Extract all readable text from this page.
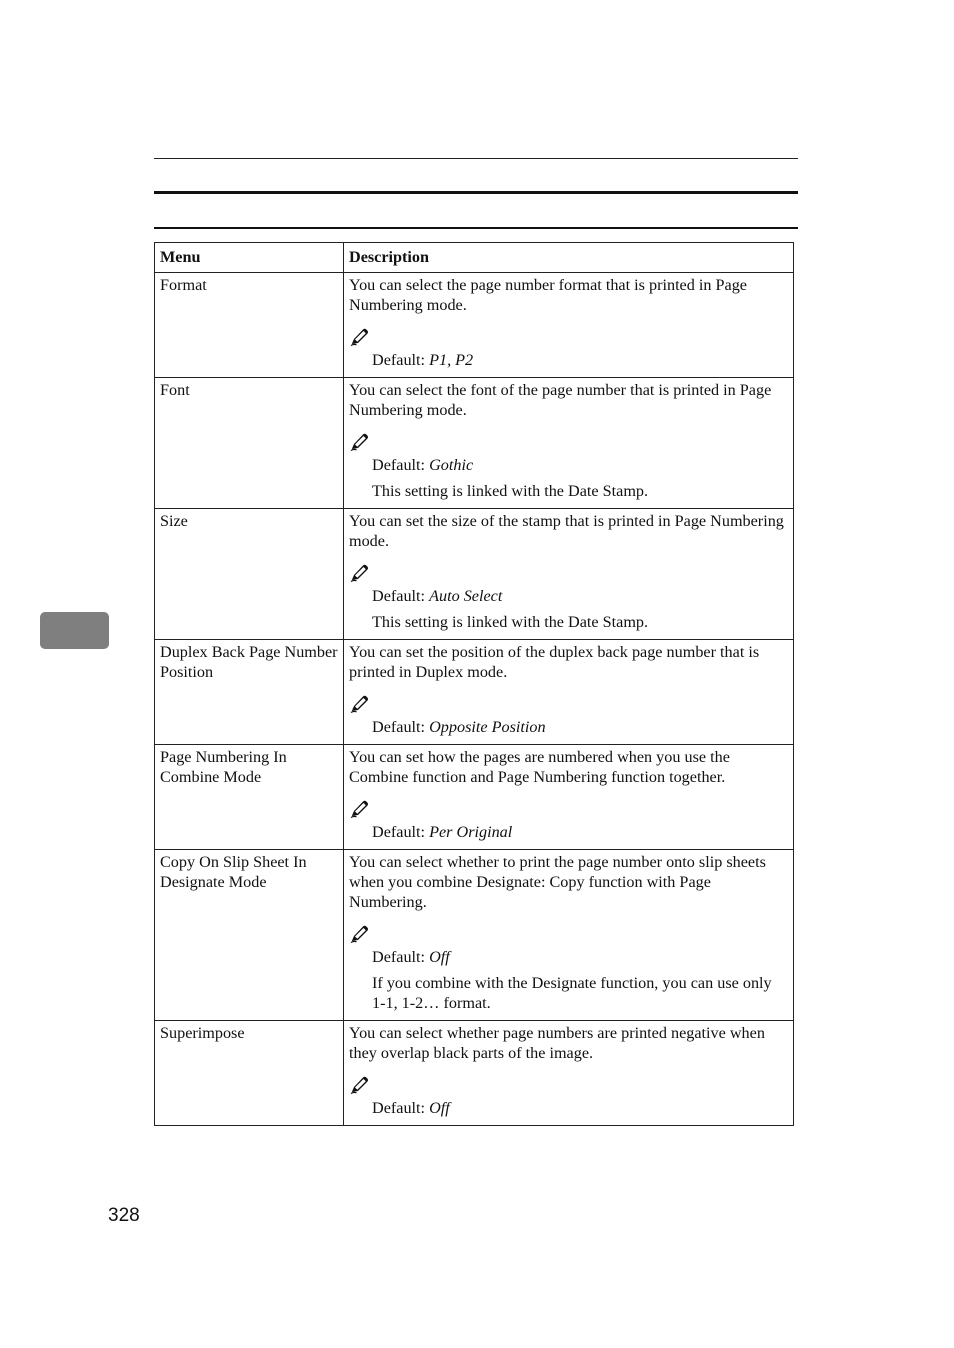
Menu	Description
Format	You can select the page number format that is printed in Page Numbering mode.

Default: P1, P2

Font	You can select the font of the page number that is printed in Page Numbering mode.

Default: Gothic
This setting is linked with the Date Stamp.

Size	You can set the size of the stamp that is printed in Page Numbering mode.

Default: Auto Select
This setting is linked with the Date Stamp.

Duplex Back Page Number Position	You can set the position of the duplex back page number that is printed in Duplex mode.

Default: Opposite Position

Page Numbering In Combine Mode	You can set how the pages are numbered when you use the Combine function and Page Numbering function together.

Default: Per Original

Copy On Slip Sheet In Designate Mode	You can select whether to print the page number onto slip sheets when you combine Designate: Copy function with Page Numbering.

Default: Off
If you combine with the Designate function, you can use only 1-1, 1-2… format.

Superimpose	You can select whether page numbers are printed negative when they overlap black parts of the image.

Default: Off
328
